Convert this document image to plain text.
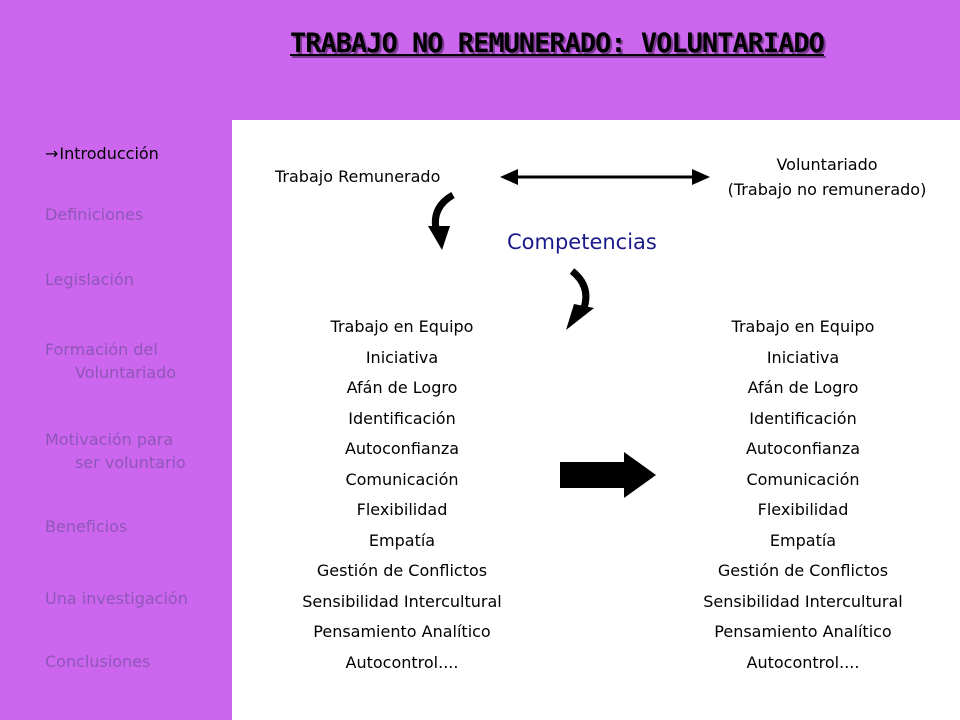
TRABAJO NO REMUNERADO: VOLUNTARIADO
→Introducción
Definiciones
Legislación
Formación del
Voluntariado
Motivación para
ser voluntario
Beneficios
Una investigación
Conclusiones
Trabajo Remunerado
Voluntariado
(Trabajo no remunerado)
Competencias
Trabajo en Equipo
Iniciativa
Afán de Logro
Identificación
Autoconfianza
Comunicación
Flexibilidad
Empatía
Gestión de Conflictos
Sensibilidad Intercultural
Pensamiento Analítico
Autocontrol....
Trabajo en Equipo
Iniciativa
Afán de Logro
Identificación
Autoconfianza
Comunicación
Flexibilidad
Empatía
Gestión de Conflictos
Sensibilidad Intercultural
Pensamiento Analítico
Autocontrol....
